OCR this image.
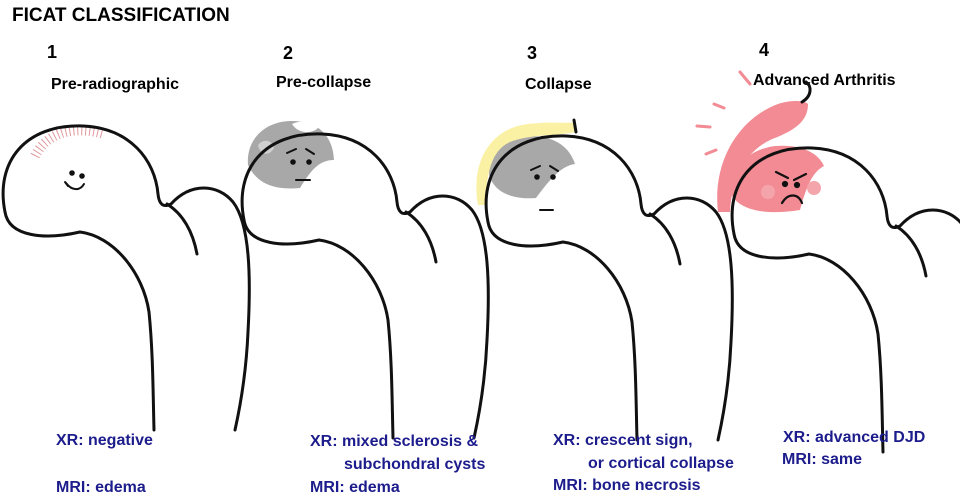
FICAT CLASSIFICATION
1
Pre-radiographic
2
Pre-collapse
3
Collapse
4
Advanced Arthritis
XR: negative
MRI: edema
XR: mixed sclerosis &
subchondral cysts
MRI: edema
XR: crescent sign,
or cortical collapse
MRI: bone necrosis
XR: advanced DJD
MRI: same
